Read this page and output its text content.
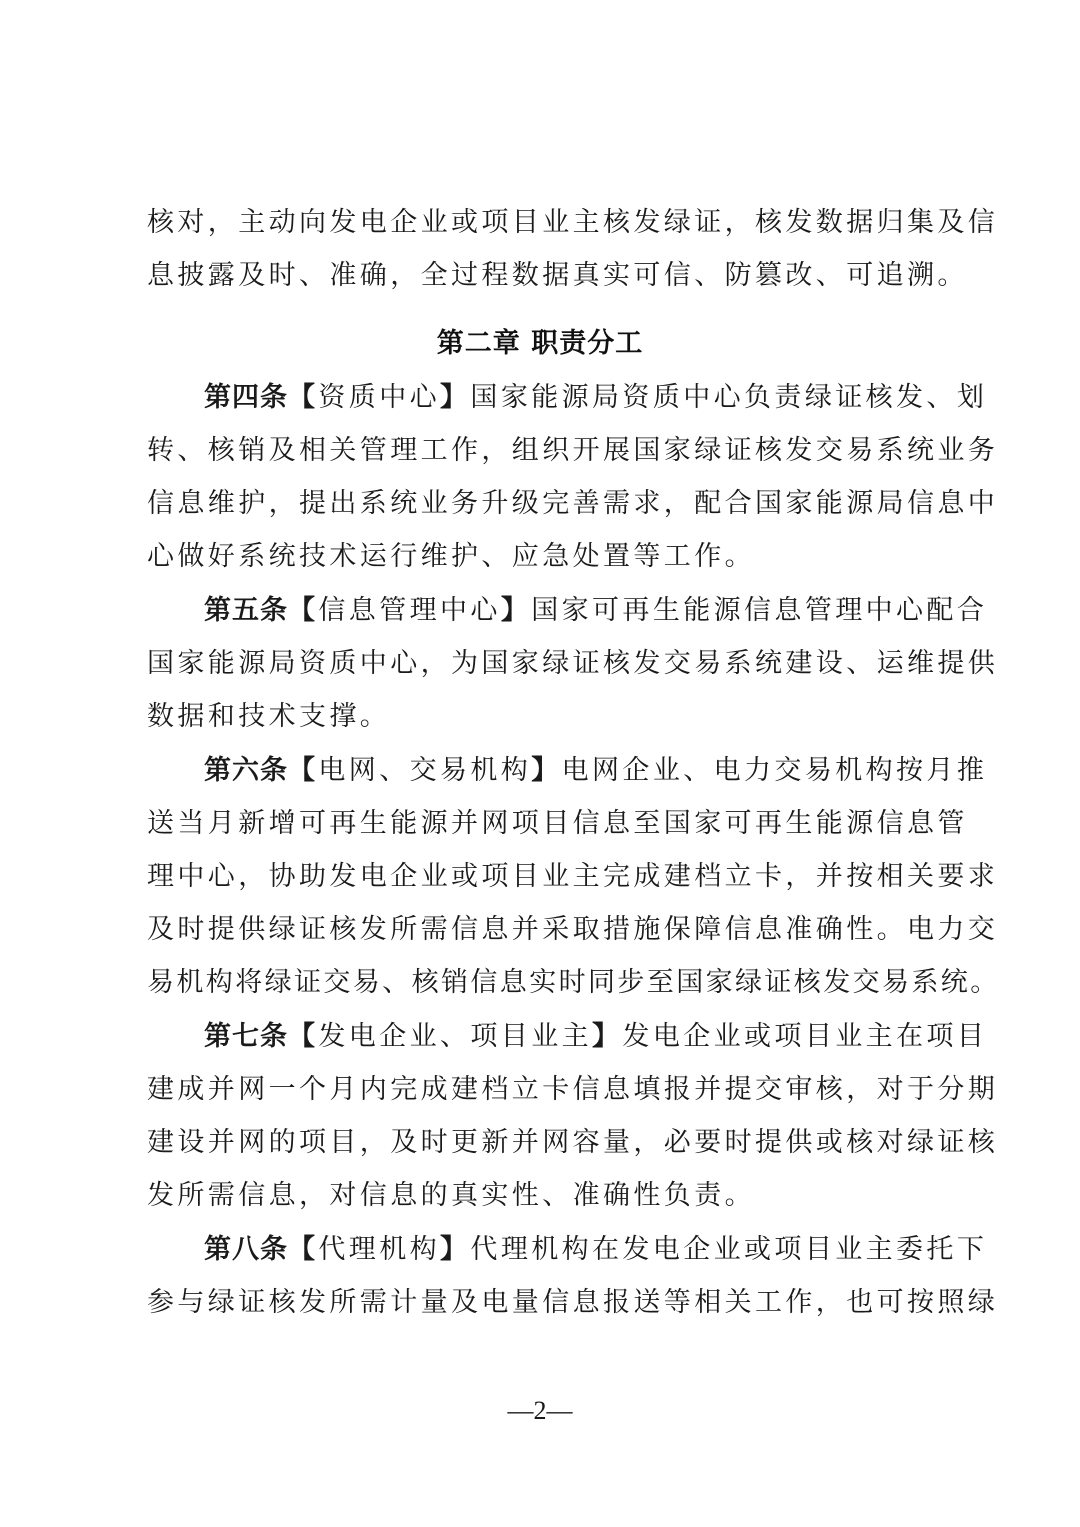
核对，主动向发电企业或项目业主核发绿证，核发数据归集及信
息披露及时、准确，全过程数据真实可信、防篡改、可追溯。
第二章 职责分工
第四条【资质中心】国家能源局资质中心负责绿证核发、划
转、核销及相关管理工作，组织开展国家绿证核发交易系统业务
信息维护，提出系统业务升级完善需求，配合国家能源局信息中
心做好系统技术运行维护、应急处置等工作。
第五条【信息管理中心】国家可再生能源信息管理中心配合
国家能源局资质中心，为国家绿证核发交易系统建设、运维提供
数据和技术支撑。
第六条【电网、交易机构】电网企业、电力交易机构按月推
送当月新增可再生能源并网项目信息至国家可再生能源信息管
理中心，协助发电企业或项目业主完成建档立卡，并按相关要求
及时提供绿证核发所需信息并采取措施保障信息准确性。电力交
易机构将绿证交易、核销信息实时同步至国家绿证核发交易系统。
第七条【发电企业、项目业主】发电企业或项目业主在项目
建成并网一个月内完成建档立卡信息填报并提交审核，对于分期
建设并网的项目，及时更新并网容量，必要时提供或核对绿证核
发所需信息，对信息的真实性、准确性负责。
第八条【代理机构】代理机构在发电企业或项目业主委托下
参与绿证核发所需计量及电量信息报送等相关工作，也可按照绿
—2—
